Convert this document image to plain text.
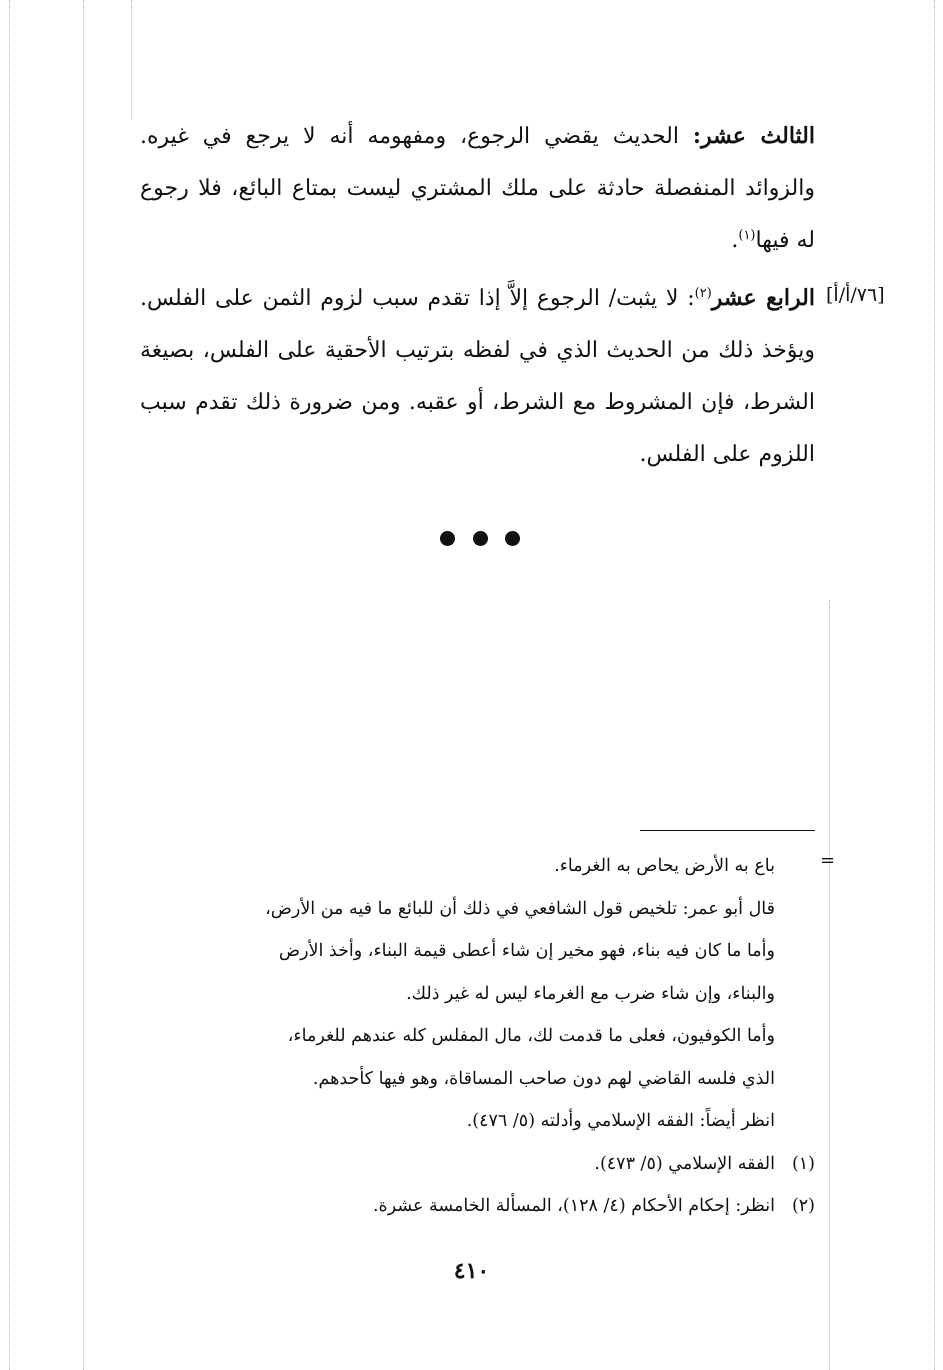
الثالث عشر: الحديث يقضي الرجوع، ومفهومه أنه لا يرجع في غيره. والزوائد المنفصلة حادثة على ملك المشتري ليست بمتاع البائع، فلا رجوع له فيها$^{(١)}$.

[٧٦/أ/أ]

الرابع عشر$^{(٢)}$: لا يثبت/ الرجوع إلاَّ إذا تقدم سبب لزوم الثمن على الفلس. ويؤخذ ذلك من الحديث الذي في لفظه بترتيب الأحقية على الفلس، بصيغة الشرط، فإن المشروط مع الشرط، أو عقبه. ومن ضرورة ذلك تقدم سبب اللزوم على الفلس.

=

باع به الأرض يحاص به الغرماء.

قال أبو عمر: تلخيص قول الشافعي في ذلك أن للبائع ما فيه من الأرض،

وأما ما كان فيه بناء، فهو مخير إن شاء أعطى قيمة البناء، وأخذ الأرض

والبناء، وإن شاء ضرب مع الغرماء ليس له غير ذلك.

وأما الكوفيون، فعلى ما قدمت لك، مال المفلس كله عندهم للغرماء،

الذي فلسه القاضي لهم دون صاحب المساقاة، وهو فيها كأحدهم.

انظر أيضاً: الفقه الإسلامي وأدلته (٥/ ٤٧٦).

(١)الفقه الإسلامي (٥/ ٤٧٣).

(٢)انظر: إحكام الأحكام (٤/ ١٢٨)، المسألة الخامسة عشرة.

٤١٠
